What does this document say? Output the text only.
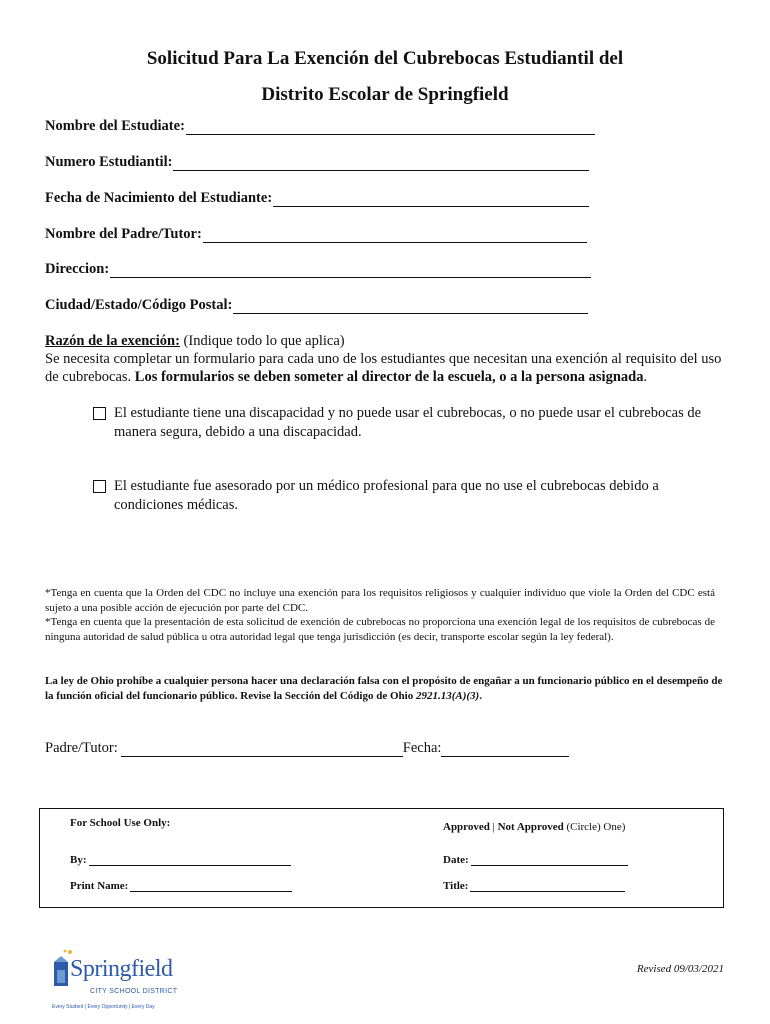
Solicitud Para La Exención del Cubrebocas Estudiantil del
Distrito Escolar de Springfield
Nombre del Estudiate:
Numero Estudiantil:
Fecha de Nacimiento del Estudiante:
Nombre del Padre/Tutor:
Direccion:
Ciudad/Estado/Código Postal:
Razón de la exención: (Indique todo lo que aplica)
Se necesita completar un formulario para cada uno de los estudiantes que necesitan una exención al requisito del uso de cubrebocas. Los formularios se deben someter al director de la escuela, o a la persona asignada.
El estudiante tiene una discapacidad y no puede usar el cubrebocas, o no puede usar el cubrebocas de manera segura, debido a una discapacidad.
El estudiante fue asesorado por un médico profesional para que no use el cubrebocas debido a condiciones médicas.
*Tenga en cuenta que la Orden del CDC no incluye una exención para los requisitos religiosos y cualquier individuo que viole la Orden del CDC está sujeto a una posible acción de ejecución por parte del CDC.
*Tenga en cuenta que la presentación de esta solicitud de exención de cubrebocas no proporciona una exención legal de los requisitos de cubrebocas de ninguna autoridad de salud pública u otra autoridad legal que tenga jurisdicción (es decir, transporte escolar según la ley federal).
La ley de Ohio prohíbe a cualquier persona hacer una declaración falsa con el propósito de engañar a un funcionario público en el desempeño de la función oficial del funcionario público. Revise la Sección del Código de Ohio 2921.13(A)(3).
Padre/Tutor:	Fecha:
For School Use Only:	Approved | Not Approved (Circle) One)
By:	Date:
Print Name:	Title:
Revised 09/03/2021
Springfield
CITY SCHOOL DISTRICT
Every Student | Every Opportunity | Every Day
